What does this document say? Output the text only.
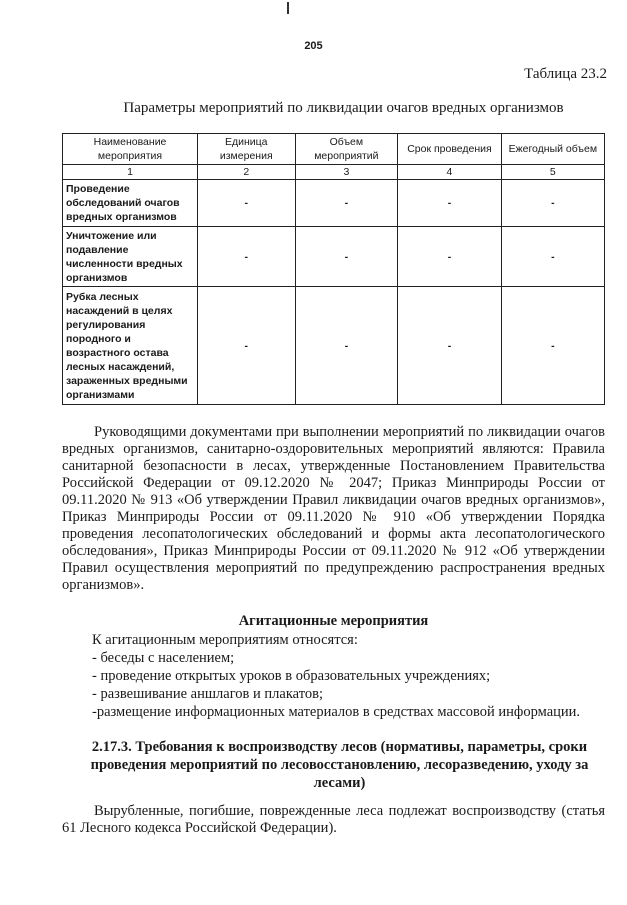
205
Таблица 23.2
Параметры мероприятий по ликвидации очагов вредных организмов
Наименование мероприятия	Единица измерения	Объем мероприятий	Срок проведения	Ежегодный объем
1	2	3	4	5
Проведение обследований очагов вредных организмов	-	-	-	-
Уничтожение или подавление численности вредных организмов	-	-	-	-
Рубка лесных насаждений в целях регулирования породного и возрастного остава лесных насаждений, зараженных вредными организмами	-	-	-	-

Руководящими документами при выполнении мероприятий по ликвидации очагов вредных организмов, санитарно-оздоровительных мероприятий являются: Правила санитарной безопасности в лесах, утвержденные Постановлением Правительства Российской Федерации от 09.12.2020 № 2047; Приказ Минприроды России от 09.11.2020 № 913 «Об утверждении Правил ликвидации очагов вредных организмов», Приказ Минприроды России от 09.11.2020 № 910 «Об утверждении Порядка проведения лесопатологических обследований и формы акта лесопатологического обследования», Приказ Минприроды России от 09.11.2020 № 912 «Об утверждении Правил осуществления мероприятий по предупреждению распространения вредных организмов».

Агитационные мероприятия
К агитационным мероприятиям относятся:
- беседы с населением;
- проведение открытых уроков в образовательных учреждениях;
- развешивание аншлагов и плакатов;
-размещение информационных материалов в средствах массовой информации.
2.17.3. Требования к воспроизводству лесов (нормативы, параметры, сроки проведения мероприятий по лесовосстановлению, лесоразведению, уходу за лесами)

Вырубленные, погибшие, поврежденные леса подлежат воспроизводству (статья 61 Лесного кодекса Российской Федерации).
